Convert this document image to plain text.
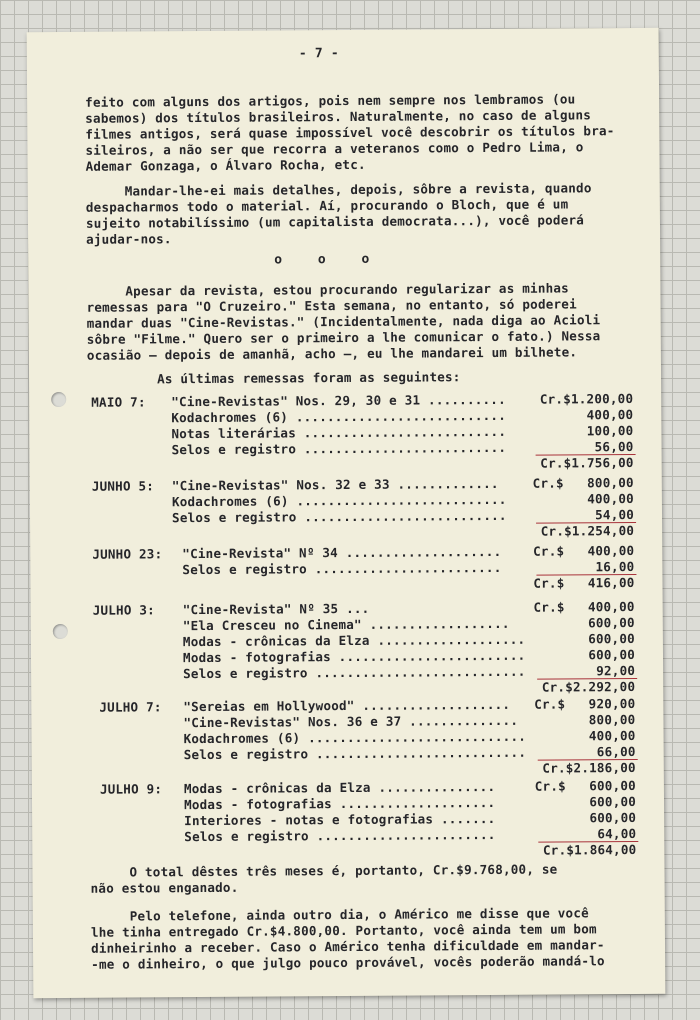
- 7 -

feito com alguns dos artigos, pois nem sempre nos lembramos (ou

sabemos) dos títulos brasileiros. Naturalmente, no caso de alguns

filmes antigos, será quase impossível você descobrir os títulos bra-

sileiros, a não ser que recorra a veteranos como o Pedro Lima, o

Ademar Gonzaga, o Álvaro Rocha, etc.

Mandar-lhe-ei mais detalhes, depois, sôbre a revista, quando

despacharmos todo o material. Aí, procurando o Bloch, que é um

sujeito notabilíssimo (um capitalista democrata...), você poderá

ajudar-nos.

o o o

Apesar da revista, estou procurando regularizar as minhas

remessas para "O Cruzeiro." Esta semana, no entanto, só poderei

mandar duas "Cine-Revistas." (Incidentalmente, nada diga ao Acioli

sôbre "Filme." Quero ser o primeiro a lhe comunicar o fato.) Nessa

ocasião — depois de amanhã, acho —, eu lhe mandarei um bilhete.

As últimas remessas foram as seguintes:

MAIO 7: "Cine-Revistas" Nos. 29, 30 e 31 ..........	Cr.$1.200,00
Kodachromes (6) ...........................	400,00
Notas literárias ..........................	100,00
Selos e registro ..........................	56,00
Cr.$1.756,00
JUNHO 5: "Cine-Revistas" Nos. 32 e 33 .............	Cr.$   800,00
Kodachromes (6) ...........................	400,00
Selos e registro ..........................	54,00
Cr.$1.254,00
JUNHO 23: "Cine-Revista" Nº 34 ....................	Cr.$   400,00
Selos e registro ........................	16,00
Cr.$   416,00
JULHO 3: "Cine-Revista" Nº 35 ...	Cr.$   400,00
"Ela Cresceu no Cinema" ..................	600,00
Modas - crônicas da Elza ...................	600,00
Modas - fotografias ........................	600,00
Selos e registro ...........................	92,00
Cr.$2.292,00
JULHO 7: "Sereias em Hollywood" ................... Cr.$   920,00
"Cine-Revistas" Nos. 36 e 37 ..............	800,00
Kodachromes (6) ............................	400,00
Selos e registro ...........................	66,00
Cr.$2.186,00
JULHO 9: Modas - crônicas da Elza ...............	Cr.$   600,00
Modas - fotografias ....................	600,00
Interiores - notas e fotografias .......	600,00
Selos e registro .......................	64,00
Cr.$1.864,00

O total dêstes três meses é, portanto, Cr.$9.768,00, se

não estou enganado.

Pelo telefone, ainda outro dia, o Américo me disse que você

lhe tinha entregado Cr.$4.800,00. Portanto, você ainda tem um bom

dinheirinho a receber. Caso o Américo tenha dificuldade em mandar-

-me o dinheiro, o que julgo pouco provável, vocês poderão mandá-lo
